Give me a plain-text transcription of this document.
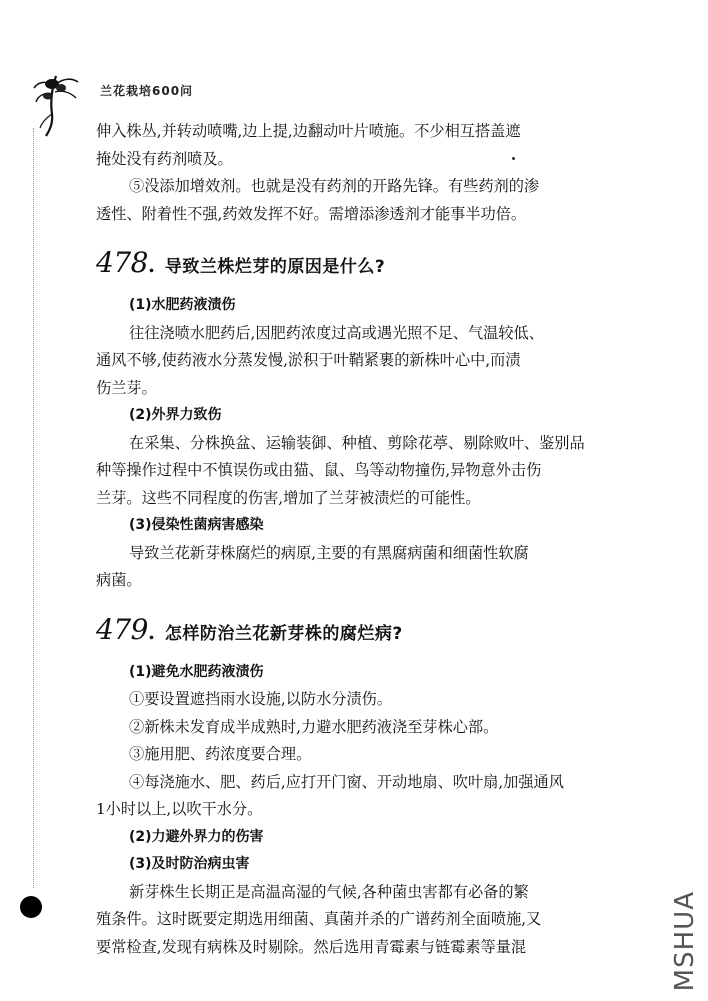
兰花栽培600问

伸入株丛,并转动喷嘴,边上提,边翻动叶片喷施。不少相互搭盖遮

掩处没有药剂喷及。

⑤没添加增效剂。也就是没有药剂的开路先锋。有些药剂的渗

透性、附着性不强,药效发挥不好。需增添渗透剂才能事半功倍。

478 . 导致兰株烂芽的原因是什么?

(1)水肥药液渍伤

往往浇喷水肥药后,因肥药浓度过高或遇光照不足、气温较低、

通风不够,使药液水分蒸发慢,淤积于叶鞘紧裹的新株叶心中,而渍

伤兰芽。

(2)外界力致伤

在采集、分株换盆、运输装御、种植、剪除花葶、剔除败叶、鉴别品

种等操作过程中不慎误伤或由猫、鼠、鸟等动物撞伤,异物意外击伤

兰芽。这些不同程度的伤害,增加了兰芽被渍烂的可能性。

(3)侵染性菌病害感染

导致兰花新芽株腐烂的病原,主要的有黑腐病菌和细菌性软腐

病菌。

479 . 怎样防治兰花新芽株的腐烂病?

(1)避免水肥药液渍伤

①要设置遮挡雨水设施,以防水分渍伤。

②新株未发育成半成熟时,力避水肥药液浇至芽株心部。

③施用肥、药浓度要合理。

④每浇施水、肥、药后,应打开门窗、开动地扇、吹叶扇,加强通风

1小时以上,以吹干水分。

(2)力避外界力的伤害

(3)及时防治病虫害

新芽株生长期正是高温高湿的气候,各种菌虫害都有必备的繁

殖条件。这时既要定期选用细菌、真菌并杀的广谱药剂全面喷施,又

要常检查,发现有病株及时剔除。然后选用青霉素与链霉素等量混	MSHUA
